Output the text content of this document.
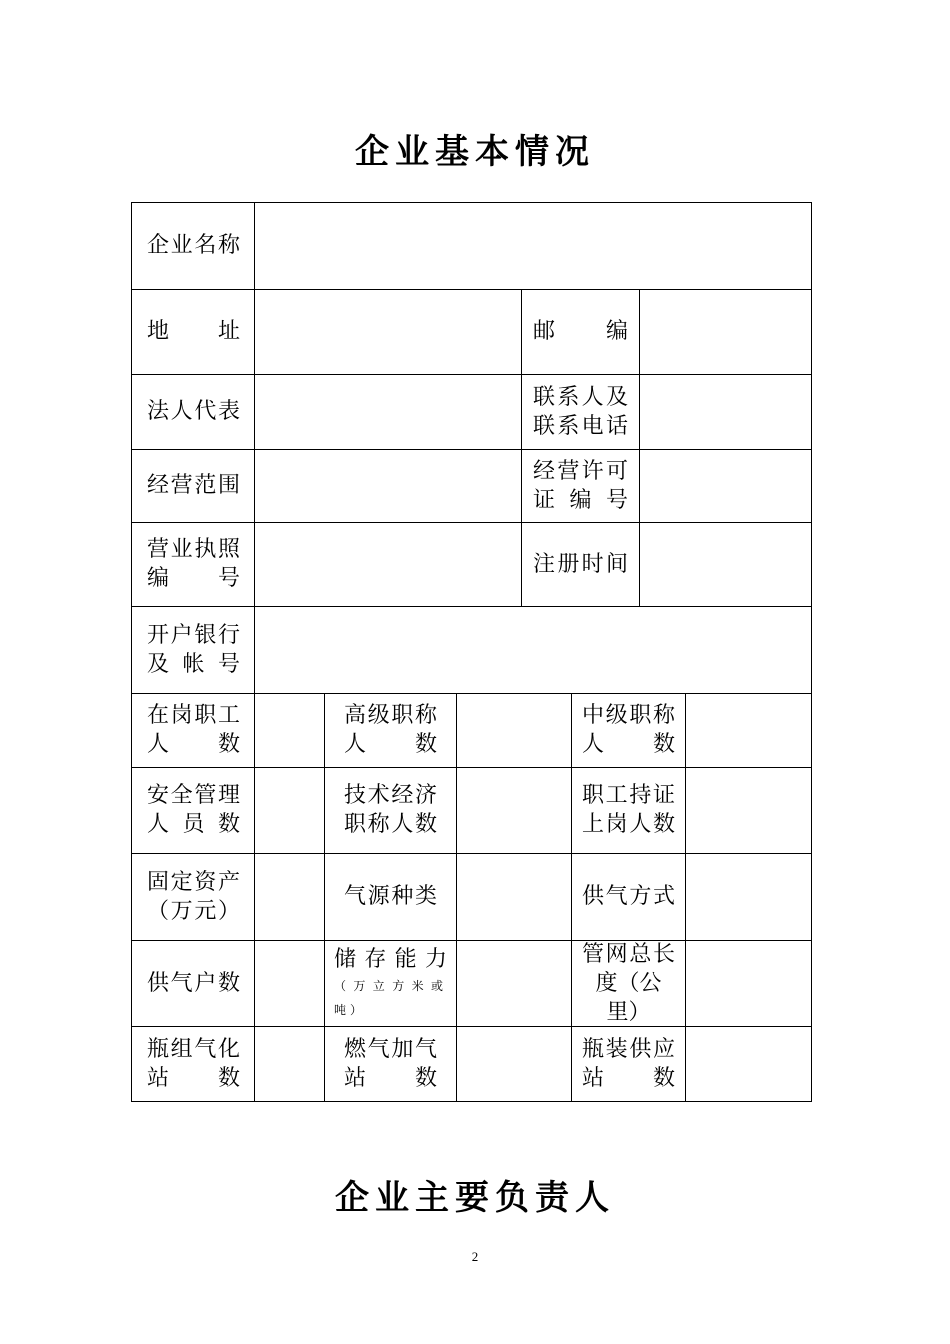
企业基本情况
企业名称
地　　址	邮　　编
法人代表
联系人及
联系电话
经营范围
经营许可
证 编 号
营业执照
编　　号
注册时间
开户银行
及 帐 号
在岗职工
人　　数
高级职称
人　　数
中级职称
人　　数
安全管理
人 员 数
技术经济
职称人数
职工持证
上岗人数
固定资产
（万元）
气源种类	供气方式
供气户数
储存能力
（万立方米或
吨）
管网总长
度（公
里）
瓶组气化
站　　数
燃气加气
站　　数
瓶装供应
站　　数
企业主要负责人
2
